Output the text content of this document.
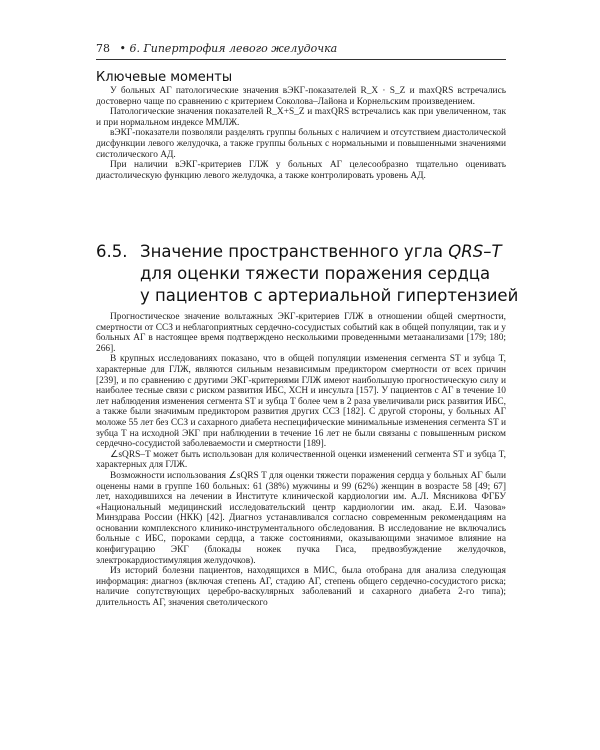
78 • 6. Гипертрофия левого желудочка
Ключевые моменты

У больных АГ патологические значения вЭКГ-показателей R_X · S_Z и maxQRS встречались достоверно чаще по сравнению с критерием Соколова–Лайона и Корнельским произведением.

Патологические значения показателей R_X+S_Z и maxQRS встречались как при увеличенном, так и при нормальном индексе ММЛЖ.

вЭКГ-показатели позволяли разделять группы больных с наличием и отсутствием диастолической дисфункции левого желудочка, а также группы больных с нормальными и повышенными значениями систолического АД.

При наличии вЭКГ-критериев ГЛЖ у больных АГ целесообразно тщательно оценивать диастолическую функцию левого желудочка, а также контролировать уровень АД.

6.5. Значение пространственного угла QRS–T
для оценки тяжести поражения сердца
у пациентов с артериальной гипертензией

Прогностическое значение вольтажных ЭКГ-критериев ГЛЖ в отношении общей смертности, смертности от ССЗ и неблагоприятных сердечно-сосудистых событий как в общей популяции, так и у больных АГ в настоящее время подтверждено несколькими проведенными метаанализами [179; 180; 266].

В крупных исследованиях показано, что в общей популяции изменения сегмента ST и зубца T, характерные для ГЛЖ, являются сильным независимым предиктором смертности от всех причин [239], и по сравнению с другими ЭКГ-критериями ГЛЖ имеют наибольшую прогностическую силу и наиболее тесные связи с риском развития ИБС, ХСН и инсульта [157]. У пациентов с АГ в течение 10 лет наблюдения изменения сегмента ST и зубца T более чем в 2 раза увеличивали риск развития ИБС, а также были значимым предиктором развития других ССЗ [182]. С другой стороны, у больных АГ моложе 55 лет без ССЗ и сахарного диабета неспецифические минимальные изменения сегмента ST и зубца T на исходной ЭКГ при наблюдении в течение 16 лет не были связаны с повышенным риском сердечно-сосудистой заболеваемости и смертности [189].

∠sQRS–T может быть использован для количественной оценки изменений сегмента ST и зубца T, характерных для ГЛЖ.

Возможности использования ∠sQRS T для оценки тяжести поражения сердца у больных АГ были оценены нами в группе 160 больных: 61 (38%) мужчины и 99 (62%) женщин в возрасте 58 [49; 67] лет, находившихся на лечении в Институте клинической кардиологии им. А.Л. Мясникова ФГБУ «Национальный медицинский исследовательский центр кардиологии им. акад. Е.И. Чазова» Минздрава России (НКК) [42]. Диагноз устанавливался согласно современным рекомендациям на основании комплексного клинико-инструментального обследования. В исследование не включались больные с ИБС, пороками сердца, а также состояниями, оказывающими значимое влияние на конфигурацию ЭКГ (блокады ножек пучка Гиса, предвозбуждение желудочков, электрокардиостимуляция желудочков).

Из историй болезни пациентов, находящихся в МИС, была отобрана для анализа следующая информация: диагноз (включая степень АГ, стадию АГ, степень общего сердечно-сосудистого риска; наличие сопутствующих церебро-васкулярных заболеваний и сахарного диабета 2-го типа); длительность АГ, значения светолического
